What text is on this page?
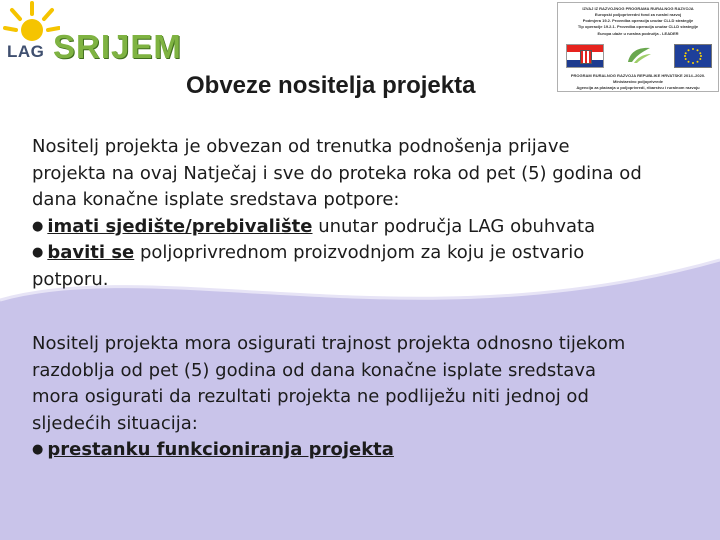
LAG SRIJEM
IZVAJ IZ RAZVOJNOG PROGRAMA RURALNOG RAZVOJA
Europski poljoprivredni fond za ruralni razvoj
Podmjera 19.2. Provedba operacija unutar CLLD strategije
Tip operacije 19.2.1. Provedba operacija unutar CLLD strategije
Europa ulaže u ruralna područja - LEADER
PROGRAM RURALNOG RAZVOJA REPUBLIKE HRVATSKE 2014.-2020.
Ministarstvo poljoprivrede
Agencija za plaćanja u poljoprivredi, ribarstvu i ruralnom razvoju
Obveze nositelja projekta
Nositelj projekta je obvezan od trenutka podnošenja prijave
projekta na ovaj Natječaj i sve do proteka roka od pet (5) godina od
dana konačne isplate sredstava potpore:
● imati sjedište/prebivalište unutar područja LAG obuhvata
● baviti se poljoprivrednom proizvodnjom za koju je ostvario
potporu.
Nositelj projekta mora osigurati trajnost projekta odnosno tijekom
razdoblja od pet (5) godina od dana konačne isplate sredstava
mora osigurati da rezultati projekta ne podliježu niti jednoj od
sljedećih situacija:
● prestanku funkcioniranja projekta
